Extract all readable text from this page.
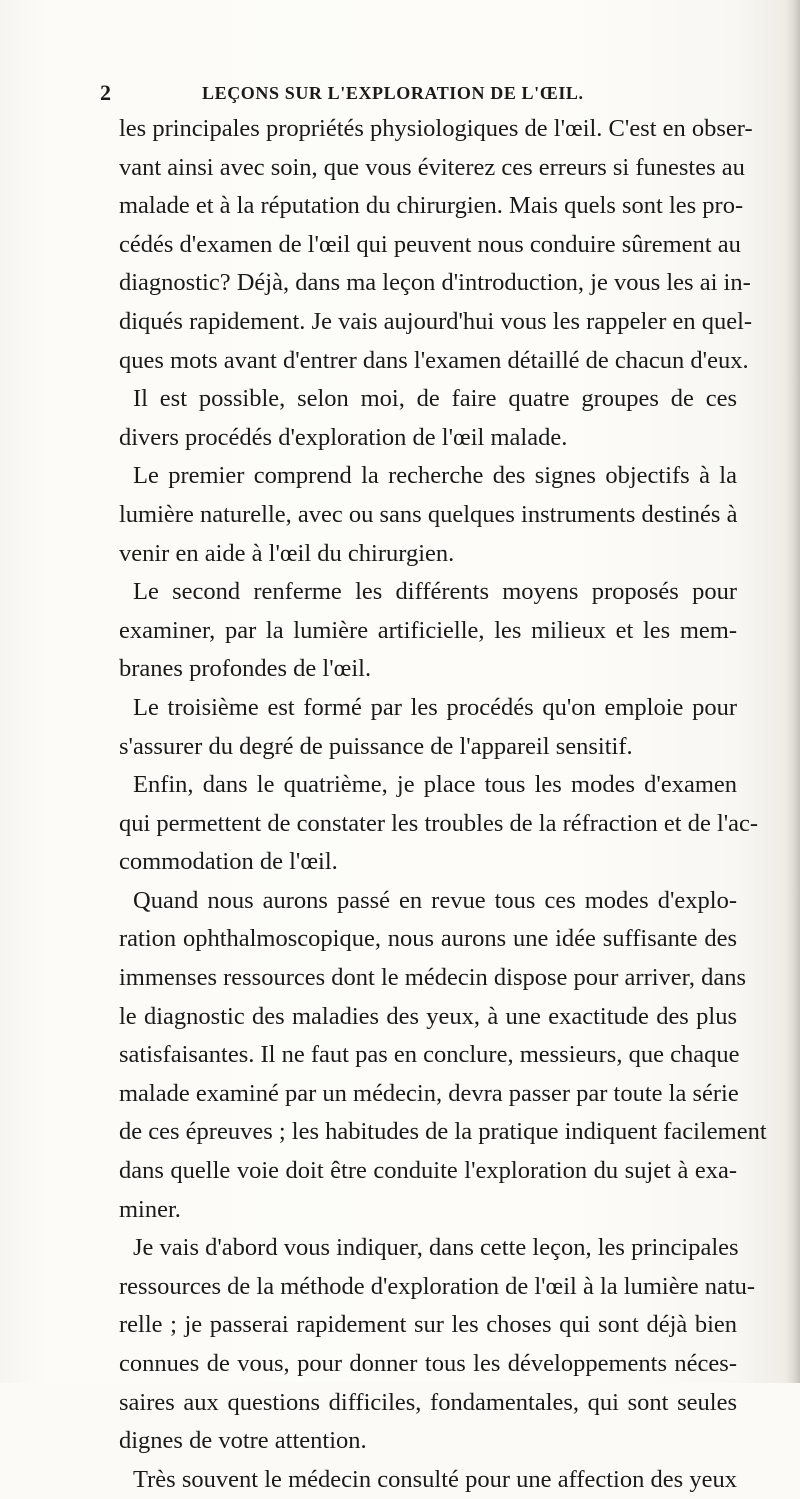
2	LEÇONS SUR L'EXPLORATION DE L'ŒIL.
les principales propriétés physiologiques de l'œil. C'est en obser-
vant ainsi avec soin, que vous éviterez ces erreurs si funestes au
malade et à la réputation du chirurgien. Mais quels sont les pro-
cédés d'examen de l'œil qui peuvent nous conduire sûrement au
diagnostic? Déjà, dans ma leçon d'introduction, je vous les ai in-
diqués rapidement. Je vais aujourd'hui vous les rappeler en quel-
ques mots avant d'entrer dans l'examen détaillé de chacun d'eux.
Il est possible, selon moi, de faire quatre groupes de ces
divers procédés d'exploration de l'œil malade.
Le premier comprend la recherche des signes objectifs à la
lumière naturelle, avec ou sans quelques instruments destinés à
venir en aide à l'œil du chirurgien.
Le second renferme les différents moyens proposés pour
examiner, par la lumière artificielle, les milieux et les mem-
branes profondes de l'œil.
Le troisième est formé par les procédés qu'on emploie pour
s'assurer du degré de puissance de l'appareil sensitif.
Enfin, dans le quatrième, je place tous les modes d'examen
qui permettent de constater les troubles de la réfraction et de l'ac-
commodation de l'œil.
Quand nous aurons passé en revue tous ces modes d'explo-
ration ophthalmoscopique, nous aurons une idée suffisante des
immenses ressources dont le médecin dispose pour arriver, dans
le diagnostic des maladies des yeux, à une exactitude des plus
satisfaisantes. Il ne faut pas en conclure, messieurs, que chaque
malade examiné par un médecin, devra passer par toute la série
de ces épreuves ; les habitudes de la pratique indiquent facilement
dans quelle voie doit être conduite l'exploration du sujet à exa-
miner.
Je vais d'abord vous indiquer, dans cette leçon, les principales
ressources de la méthode d'exploration de l'œil à la lumière natu-
relle ; je passerai rapidement sur les choses qui sont déjà bien
connues de vous, pour donner tous les développements néces-
saires aux questions difficiles, fondamentales, qui sont seules
dignes de votre attention.
Très souvent le médecin consulté pour une affection des yeux
